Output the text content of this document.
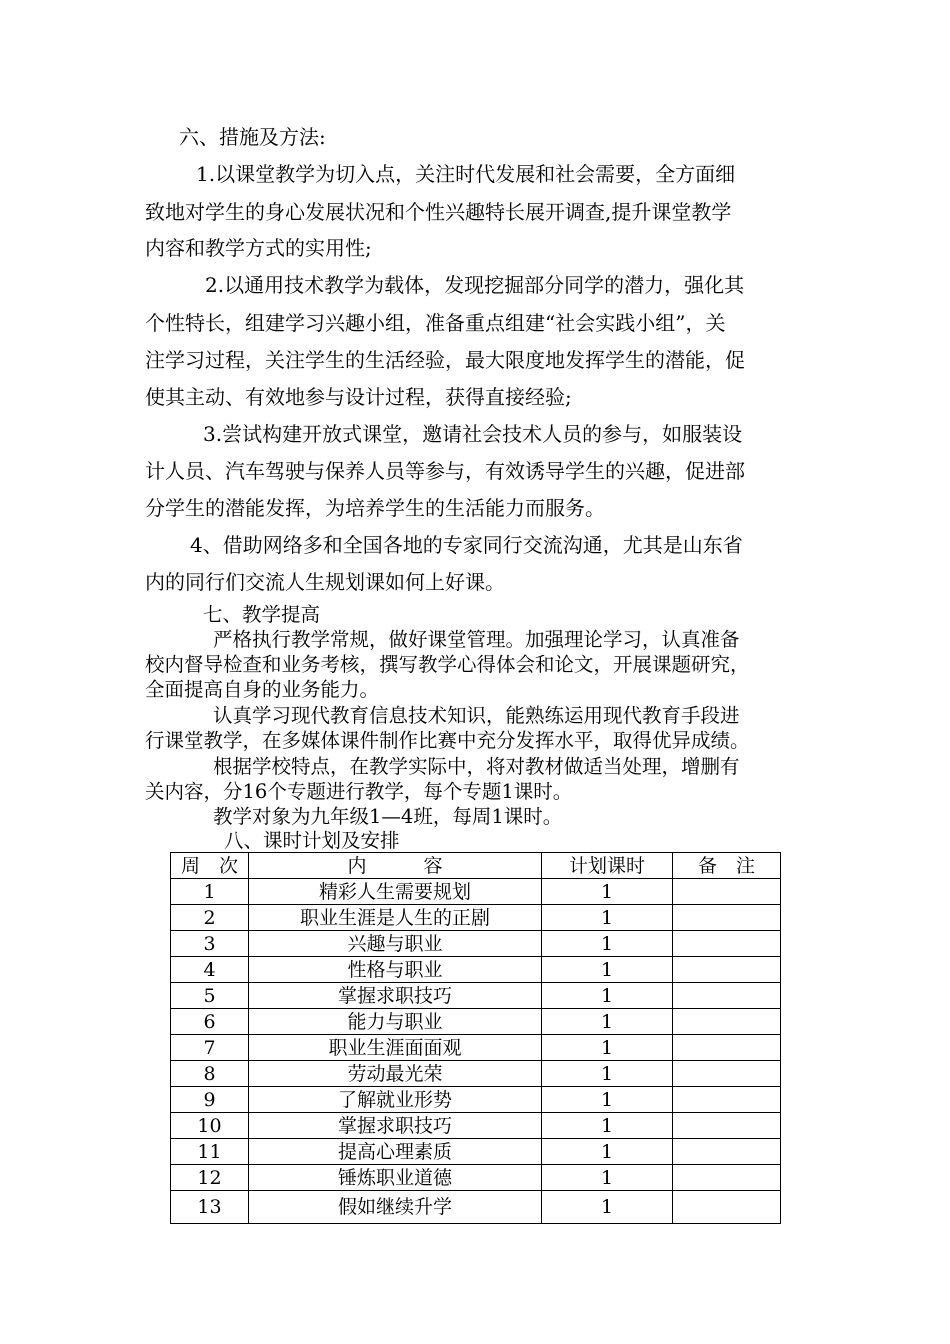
六、措施及方法:
1.以课堂教学为切入点，关注时代发展和社会需要，全方面细
致地对学生的身心发展状况和个性兴趣特长展开调查,提升课堂教学
内容和教学方式的实用性;
2.以通用技术教学为载体，发现挖掘部分同学的潜力，强化其
个性特长，组建学习兴趣小组，准备重点组建“社会实践小组”，关
注学习过程，关注学生的生活经验，最大限度地发挥学生的潜能，促
使其主动、有效地参与设计过程，获得直接经验;
3.尝试构建开放式课堂，邀请社会技术人员的参与，如服装设
计人员、汽车驾驶与保养人员等参与，有效诱导学生的兴趣，促进部
分学生的潜能发挥，为培养学生的生活能力而服务。
4、借助网络多和全国各地的专家同行交流沟通，尤其是山东省
内的同行们交流人生规划课如何上好课。
七、教学提高
严格执行教学常规，做好课堂管理。加强理论学习，认真准备
校内督导检查和业务考核，撰写教学心得体会和论文，开展课题研究，
全面提高自身的业务能力。
认真学习现代教育信息技术知识，能熟练运用现代教育手段进
行课堂教学，在多媒体课件制作比赛中充分发挥水平，取得优异成绩。
根据学校特点，在教学实际中，将对教材做适当处理，增删有
关内容，分16个专题进行教学，每个专题1课时。
教学对象为九年级1—4班，每周1课时。
八、课时计划及安排
周　次	内　　　容	计划课时	备　注
1	精彩人生需要规划	1	
2	职业生涯是人生的正剧	1	
3	兴趣与职业	1	
4	性格与职业	1	
5	掌握求职技巧	1	
6	能力与职业	1	
7	职业生涯面面观	1	
8	劳动最光荣	1	
9	了解就业形势	1	
10	掌握求职技巧	1	
11	提高心理素质	1	
12	锤炼职业道德	1	
13	假如继续升学	1	
